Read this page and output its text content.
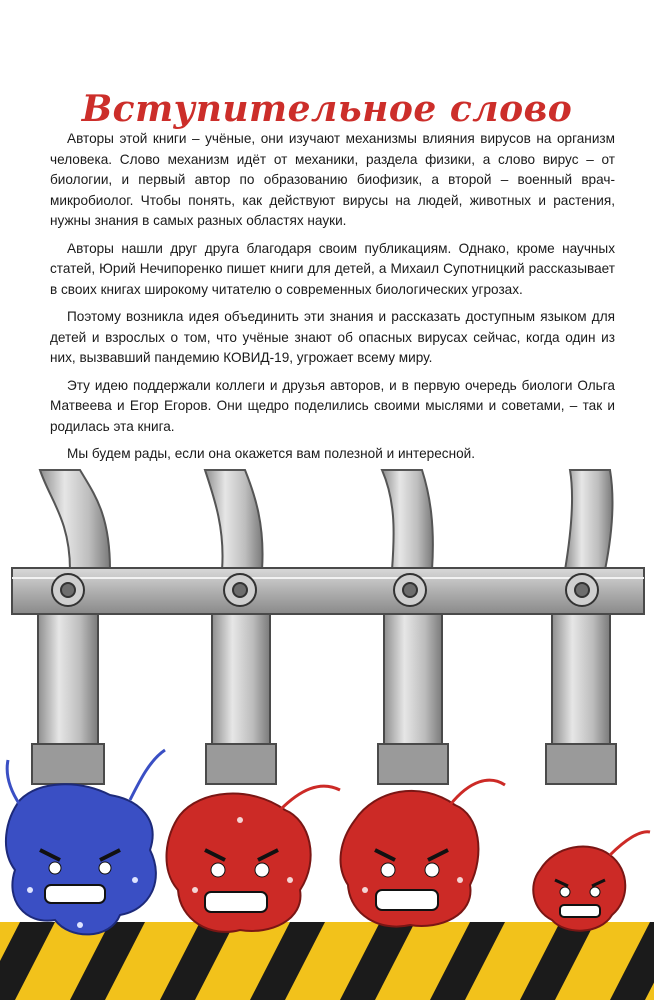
Вступительное слово

Авторы этой книги – учёные, они изучают механизмы влияния вирусов на организм человека. Слово механизм идёт от механики, раздела физики, а слово вирус – от биологии, и первый автор по образованию биофизик, а второй – военный врач-микробиолог. Чтобы понять, как действуют вирусы на людей, животных и растения, нужны знания в самых разных областях науки.

Авторы нашли друг друга благодаря своим публикациям. Однако, кроме научных статей, Юрий Нечипоренко пишет книги для детей, а Михаил Супотницкий рассказывает в своих книгах широкому читателю о современных биологических угрозах.

Поэтому возникла идея объединить эти знания и рассказать доступным языком для детей и взрослых о том, что учёные знают об опасных вирусах сейчас, когда один из них, вызвавший пандемию КОВИД-19, угрожает всему миру.

Эту идею поддержали коллеги и друзья авторов, и в первую очередь биологи Ольга Матвеева и Егор Егоров. Они щедро поделились своими мыслями и советами, – так и родилась эта книга.

Мы будем рады, если она окажется вам полезной и интересной.
